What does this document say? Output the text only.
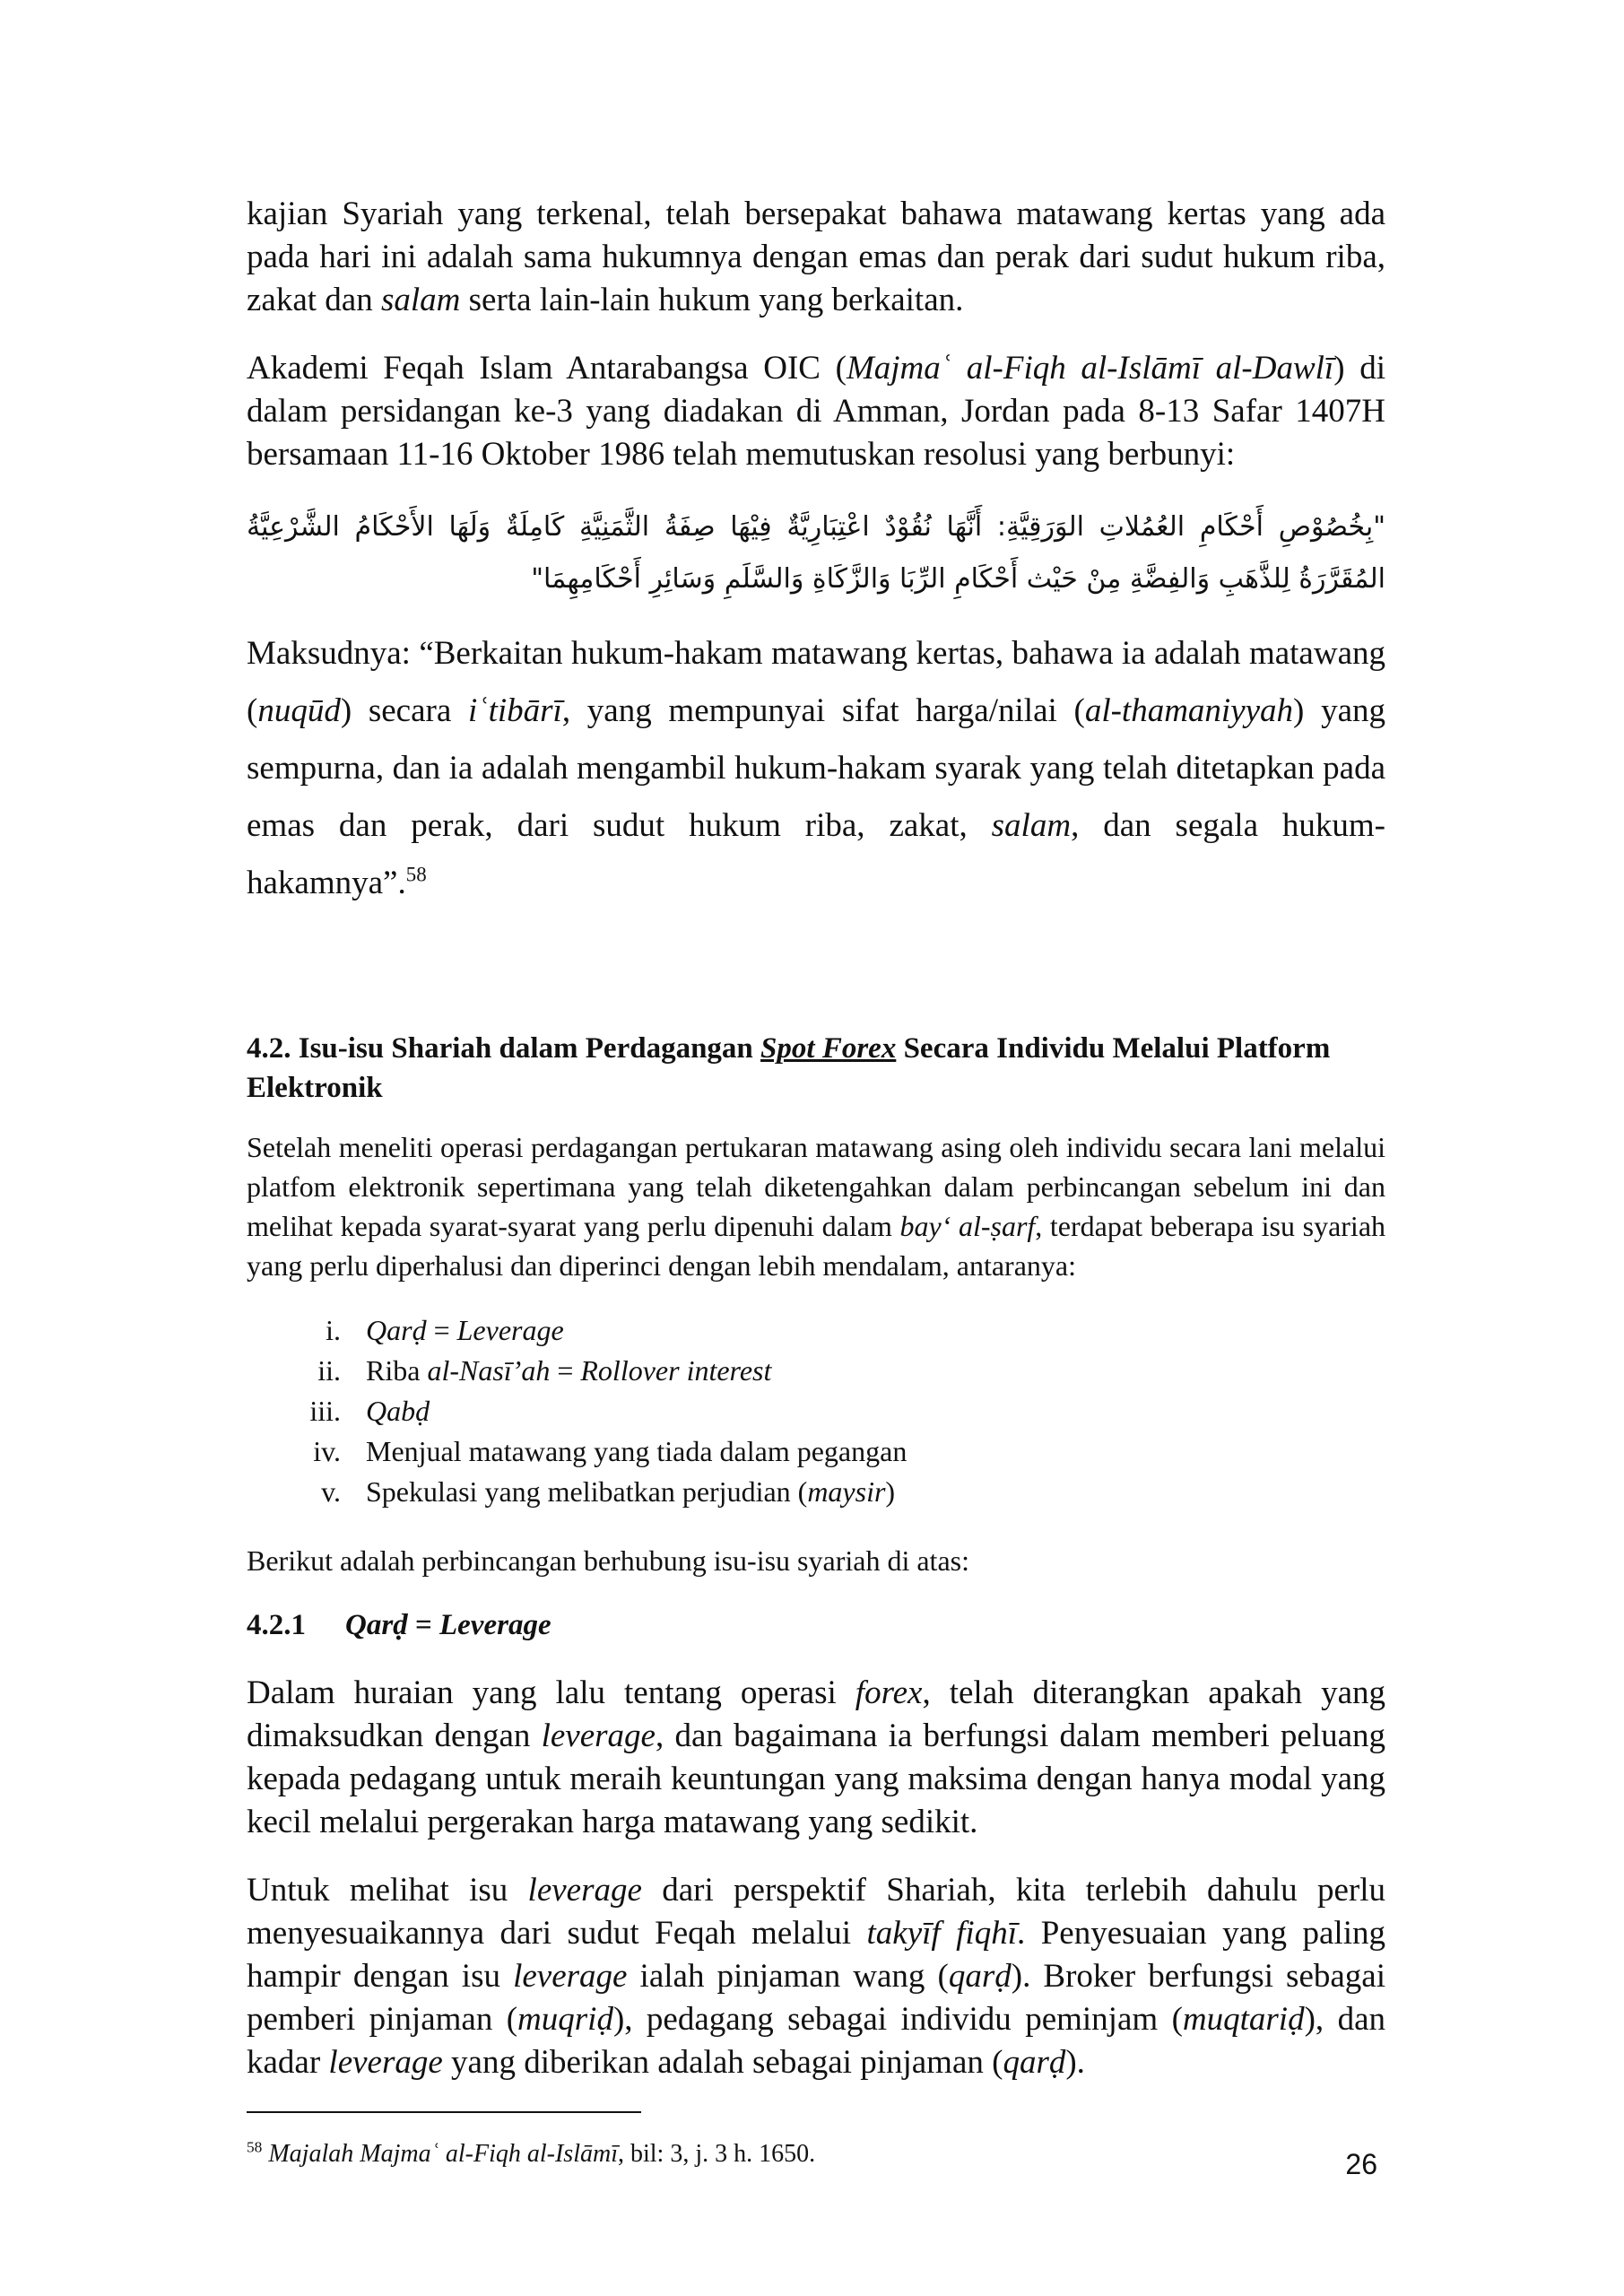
kajian Syariah yang terkenal, telah bersepakat bahawa matawang kertas yang ada pada hari ini adalah sama hukumnya dengan emas dan perak dari sudut hukum riba, zakat dan salam serta lain-lain hukum yang berkaitan.

Akademi Feqah Islam Antarabangsa OIC (Majmaʿ al-Fiqh al-Islāmī al-Dawlī) di dalam persidangan ke-3 yang diadakan di Amman, Jordan pada 8-13 Safar 1407H bersamaan 11-16 Oktober 1986 telah memutuskan resolusi yang berbunyi:

"بِخُصُوْصِ أَحْكَامِ العُمُلاتِ الوَرَقِيَّةِ: أَنَّهَا نُقُوْدٌ اعْتِبَارِيَّةٌ فِيْهَا صِفَةُ الثَّمَنِيَّةِ كَامِلَةٌ وَلَهَا الأَحْكَامُ الشَّرْعِيَّةُ المُقَرَّرَةُ لِلذَّهَبِ وَالفِضَّةِ مِنْ حَيْث أَحْكَامِ الرِّبَا وَالزَّكَاةِ وَالسَّلَمِ وَسَائِرِ أَحْكَامِهِمَا"

Maksudnya: “Berkaitan hukum-hakam matawang kertas, bahawa ia adalah matawang (nuqūd) secara iʿtibārī, yang mempunyai sifat harga/nilai (al-thamaniyyah) yang sempurna, dan ia adalah mengambil hukum-hakam syarak yang telah ditetapkan pada emas dan perak, dari sudut hukum riba, zakat, salam, dan segala hukum-hakamnya”.$^{58}$

4.2. Isu-isu Shariah dalam Perdagangan Spot Forex Secara Individu Melalui Platform Elektronik

Setelah meneliti operasi perdagangan pertukaran matawang asing oleh individu secara lani melalui platfom elektronik sepertimana yang telah diketengahkan dalam perbincangan sebelum ini dan melihat kepada syarat-syarat yang perlu dipenuhi dalam bay‘ al-ṣarf, terdapat beberapa isu syariah yang perlu diperhalusi dan diperinci dengan lebih mendalam, antaranya:

i. Qarḍ = Leverage
ii. Riba al-Nasī’ah = Rollover interest
iii. Qabḍ
iv. Menjual matawang yang tiada dalam pegangan
v. Spekulasi yang melibatkan perjudian (maysir)

Berikut adalah perbincangan berhubung isu-isu syariah di atas:

4.2.1 Qarḍ = Leverage

Dalam huraian yang lalu tentang operasi forex, telah diterangkan apakah yang dimaksudkan dengan leverage, dan bagaimana ia berfungsi dalam memberi peluang kepada pedagang untuk meraih keuntungan yang maksima dengan hanya modal yang kecil melalui pergerakan harga matawang yang sedikit.

Untuk melihat isu leverage dari perspektif Shariah, kita terlebih dahulu perlu menyesuaikannya dari sudut Feqah melalui takyīf fiqhī. Penyesuaian yang paling hampir dengan isu leverage ialah pinjaman wang (qarḍ). Broker berfungsi sebagai pemberi pinjaman (muqriḍ), pedagang sebagai individu peminjam (muqtariḍ), dan kadar leverage yang diberikan adalah sebagai pinjaman (qarḍ).

$^{58}$ Majalah Majmaʿ al-Fiqh al-Islāmī, bil: 3, j. 3 h. 1650.	26
